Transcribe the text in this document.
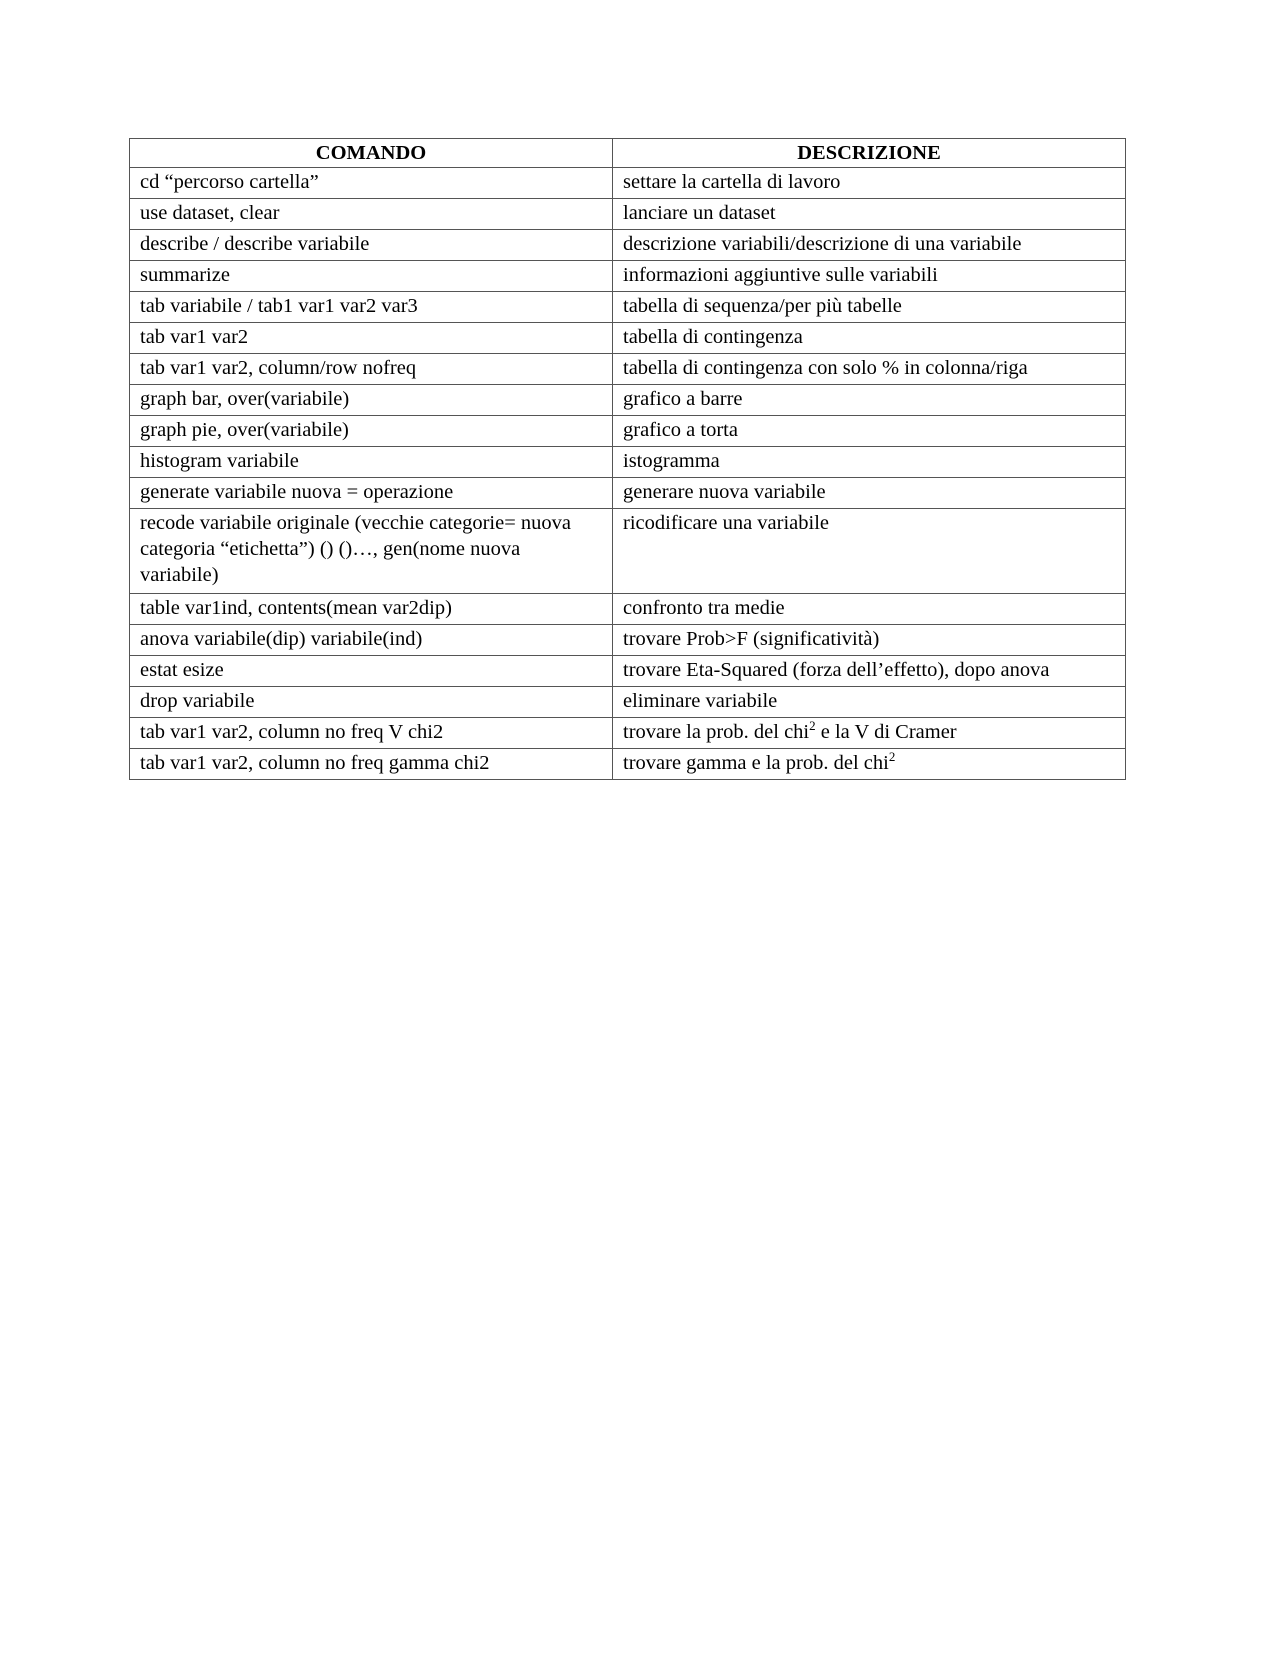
COMANDO	DESCRIZIONE
cd “percorso cartella”	settare la cartella di lavoro
use dataset, clear	lanciare un dataset
describe / describe variabile	descrizione variabili/descrizione di una variabile
summarize	informazioni aggiuntive sulle variabili
tab variabile / tab1 var1 var2 var3	tabella di sequenza/per più tabelle
tab var1 var2	tabella di contingenza
tab var1 var2, column/row nofreq	tabella di contingenza con solo % in colonna/riga
graph bar, over(variabile)	grafico a barre
graph pie, over(variabile)	grafico a torta
histogram variabile	istogramma
generate variabile nuova = operazione	generare nuova variabile
recode variabile originale (vecchie categorie= nuova categoria “etichetta”) () ()…, gen(nome nuova variabile)	ricodificare una variabile
table var1ind, contents(mean var2dip)	confronto tra medie
anova variabile(dip) variabile(ind)	trovare Prob>F (significatività)
estat esize	trovare Eta-Squared (forza dell’effetto), dopo anova
drop variabile	eliminare variabile
tab var1 var2, column no freq V chi2	trovare la prob. del chi$^2$ e la V di Cramer
tab var1 var2, column no freq gamma chi2	trovare gamma e la prob. del chi$^2$
